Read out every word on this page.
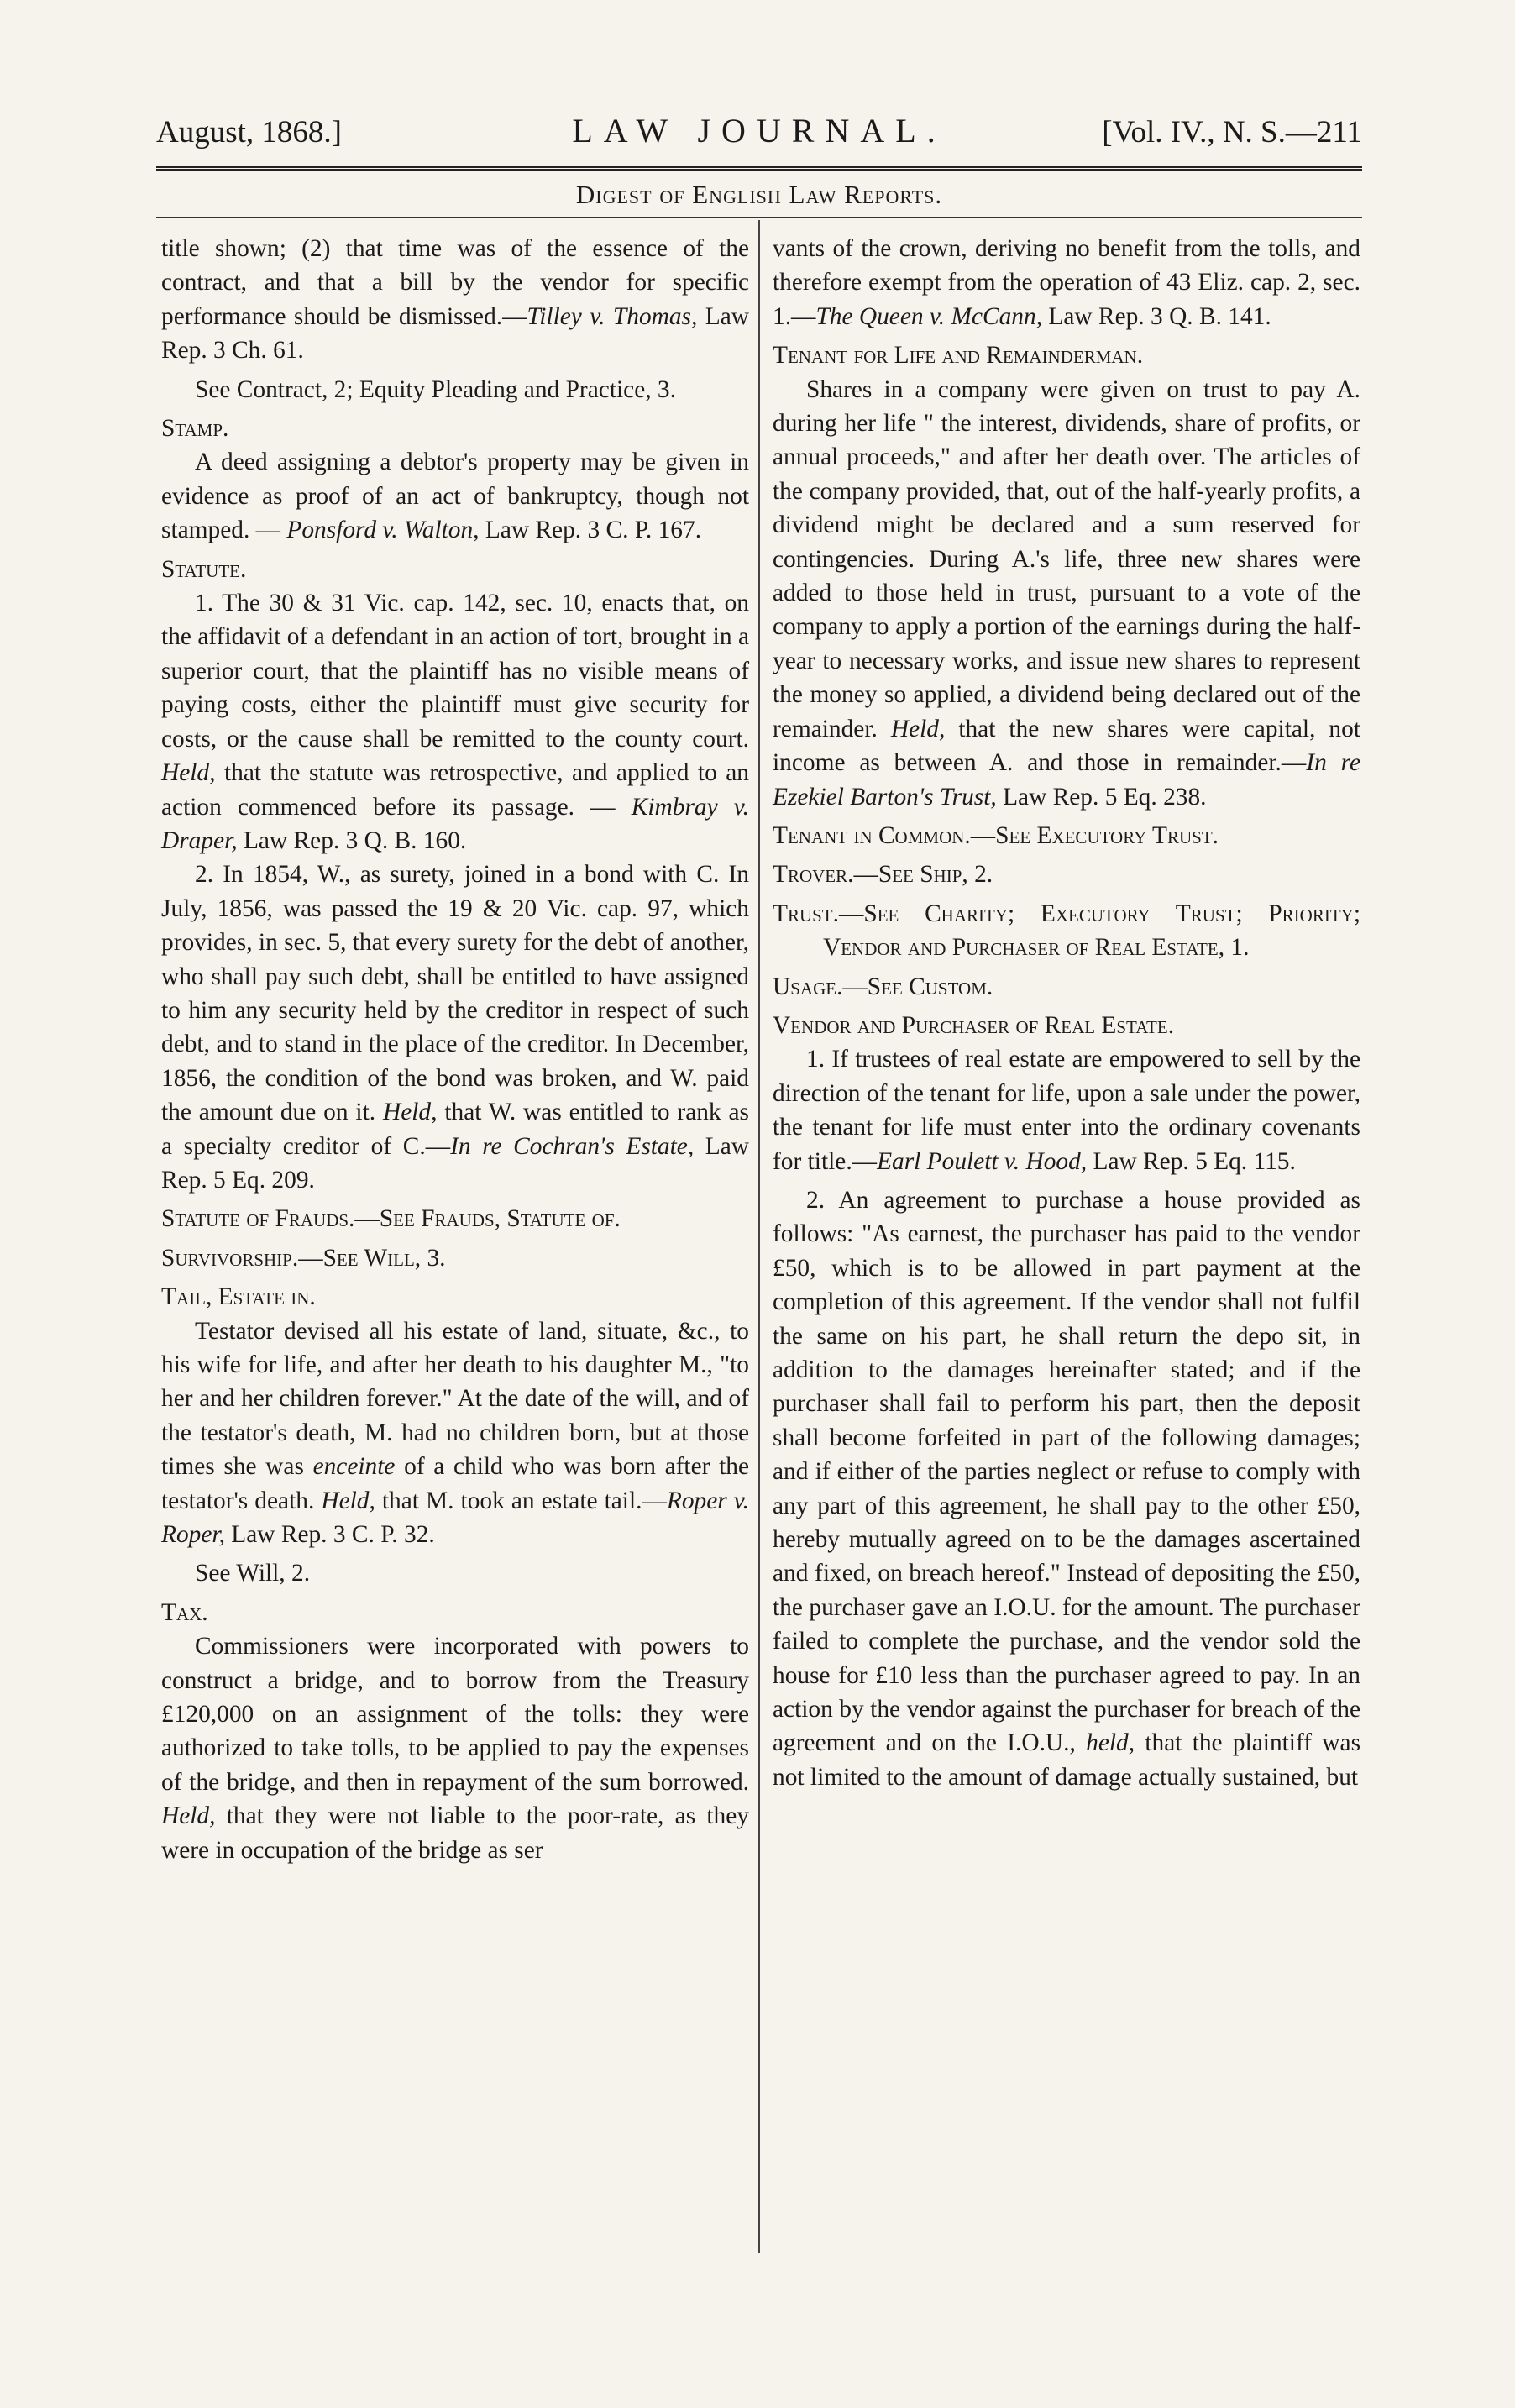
August, 1868.]	LAW JOURNAL.	[Vol. IV., N. S.—211
Digest of English Law Reports.

title shown; (2) that time was of the essence of the contract, and that a bill by the vendor for specific performance should be dismissed.—Tilley v. Thomas, Law Rep. 3 Ch. 61.

See Contract, 2; Equity Pleading and Practice, 3.

Stamp.

A deed assigning a debtor's property may be given in evidence as proof of an act of bankruptcy, though not stamped. — Ponsford v. Walton, Law Rep. 3 C. P. 167.

Statute.

1. The 30 & 31 Vic. cap. 142, sec. 10, enacts that, on the affidavit of a defendant in an action of tort, brought in a superior court, that the plaintiff has no visible means of paying costs, either the plaintiff must give security for costs, or the cause shall be remitted to the county court. Held, that the statute was retrospective, and applied to an action commenced before its passage. — Kimbray v. Draper, Law Rep. 3 Q. B. 160.

2. In 1854, W., as surety, joined in a bond with C. In July, 1856, was passed the 19 & 20 Vic. cap. 97, which provides, in sec. 5, that every surety for the debt of another, who shall pay such debt, shall be entitled to have assigned to him any security held by the creditor in respect of such debt, and to stand in the place of the creditor. In December, 1856, the condition of the bond was broken, and W. paid the amount due on it. Held, that W. was entitled to rank as a specialty creditor of C.—In re Cochran's Estate, Law Rep. 5 Eq. 209.

Statute of Frauds.—See Frauds, Statute of.

Survivorship.—See Will, 3.

Tail, Estate in.

Testator devised all his estate of land, situate, &c., to his wife for life, and after her death to his daughter M., "to her and her children forever." At the date of the will, and of the testator's death, M. had no children born, but at those times she was enceinte of a child who was born after the testator's death. Held, that M. took an estate tail.—Roper v. Roper, Law Rep. 3 C. P. 32.

See Will, 2.

Tax.

Commissioners were incorporated with powers to construct a bridge, and to borrow from the Treasury £120,000 on an assignment of the tolls: they were authorized to take tolls, to be applied to pay the expenses of the bridge, and then in repayment of the sum borrowed. Held, that they were not liable to the poor-rate, as they were in occupation of the bridge as ser

vants of the crown, deriving no benefit from the tolls, and therefore exempt from the operation of 43 Eliz. cap. 2, sec. 1.—The Queen v. McCann, Law Rep. 3 Q. B. 141.

Tenant for Life and Remainderman.

Shares in a company were given on trust to pay A. during her life " the interest, dividends, share of profits, or annual proceeds," and after her death over. The articles of the company provided, that, out of the half-yearly profits, a dividend might be declared and a sum reserved for contingencies. During A.'s life, three new shares were added to those held in trust, pursuant to a vote of the company to apply a portion of the earnings during the half-year to necessary works, and issue new shares to represent the money so applied, a dividend being declared out of the remainder. Held, that the new shares were capital, not income as between A. and those in remainder.—In re Ezekiel Barton's Trust, Law Rep. 5 Eq. 238.

Tenant in Common.—See Executory Trust.

Trover.—See Ship, 2.

Trust.—See Charity; Executory Trust; Priority; Vendor and Purchaser of Real Estate, 1.

Usage.—See Custom.

Vendor and Purchaser of Real Estate.

1. If trustees of real estate are empowered to sell by the direction of the tenant for life, upon a sale under the power, the tenant for life must enter into the ordinary covenants for title.—Earl Poulett v. Hood, Law Rep. 5 Eq. 115.

2. An agreement to purchase a house provided as follows: "As earnest, the purchaser has paid to the vendor £50, which is to be allowed in part payment at the completion of this agreement. If the vendor shall not fulfil the same on his part, he shall return the depo sit, in addition to the damages hereinafter stated; and if the purchaser shall fail to perform his part, then the deposit shall become forfeited in part of the following damages; and if either of the parties neglect or refuse to comply with any part of this agreement, he shall pay to the other £50, hereby mutually agreed on to be the damages ascertained and fixed, on breach hereof." Instead of depositing the £50, the purchaser gave an I.O.U. for the amount. The purchaser failed to complete the purchase, and the vendor sold the house for £10 less than the purchaser agreed to pay. In an action by the vendor against the purchaser for breach of the agreement and on the I.O.U., held, that the plaintiff was not limited to the amount of damage actually sustained, but
